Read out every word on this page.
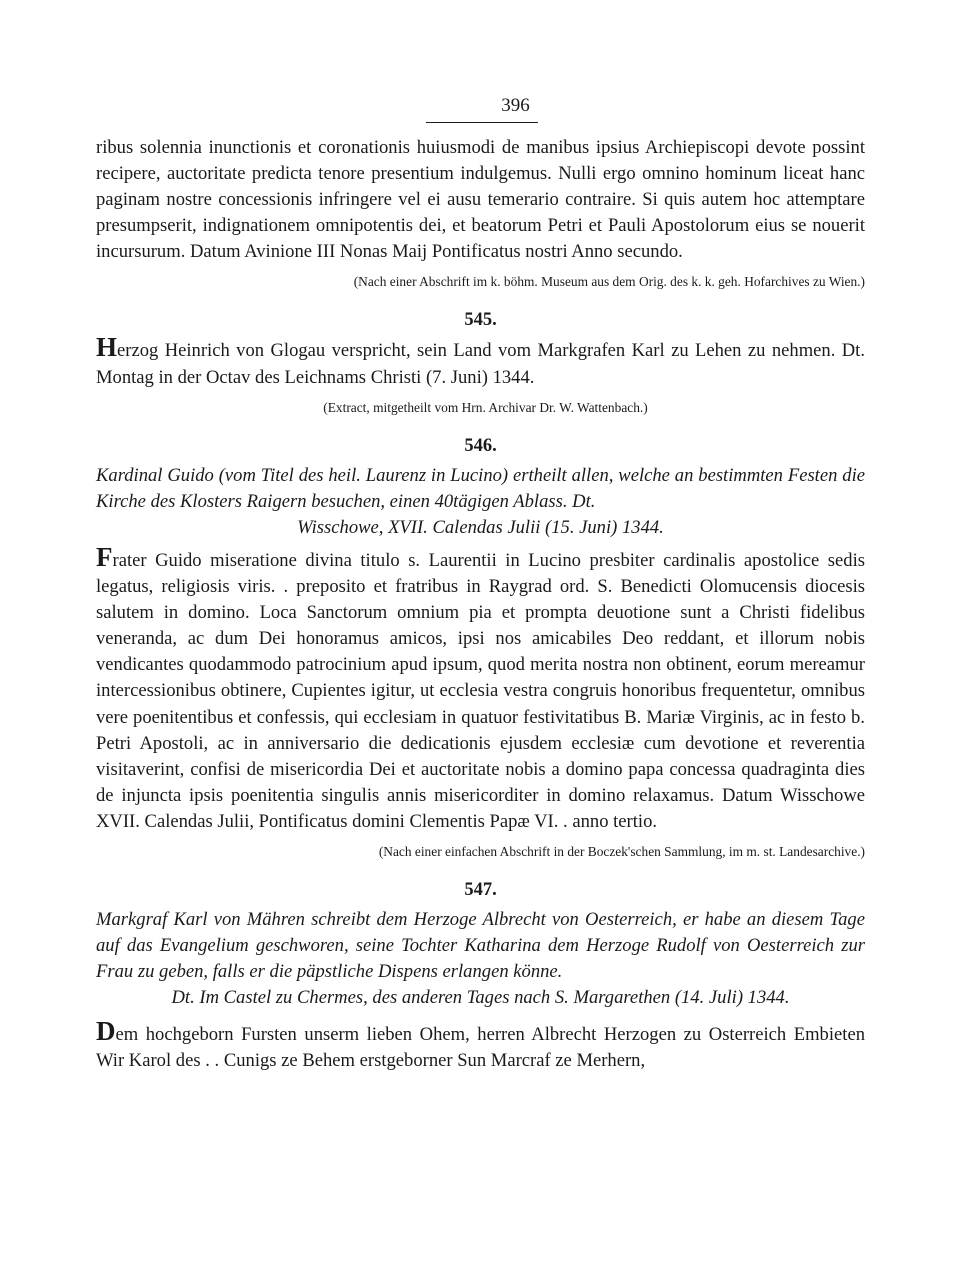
396

ribus solennia inunctionis et coronationis huiusmodi de manibus ipsius Archiepiscopi devote possint recipere, auctoritate predicta tenore presentium indulgemus. Nulli ergo omnino hominum liceat hanc paginam nostre concessionis infringere vel ei ausu temerario contraire. Si quis autem hoc attemptare presumpserit, indignationem omnipotentis dei, et beatorum Petri et Pauli Apostolorum eius se nouerit incursurum. Datum Avinione III Nonas Maij Pontificatus nostri Anno secundo.

(Nach einer Abschrift im k. böhm. Museum aus dem Orig. des k. k. geh. Hofarchives zu Wien.)

545.

Herzog Heinrich von Glogau verspricht, sein Land vom Markgrafen Karl zu Lehen zu nehmen. Dt. Montag in der Octav des Leichnams Christi (7. Juni) 1344.

(Extract, mitgetheilt vom Hrn. Archivar Dr. W. Wattenbach.)

546.

Kardinal Guido (vom Titel des heil. Laurenz in Lucino) ertheilt allen, welche an bestimmten Festen die Kirche des Klosters Raigern besuchen, einen 40tägigen Ablass. Dt.

Wisschowe, XVII. Calendas Julii (15. Juni) 1344.

Frater Guido miseratione divina titulo s. Laurentii in Lucino presbiter cardinalis apostolice sedis legatus, religiosis viris. . preposito et fratribus in Raygrad ord. S. Benedicti Olomucensis diocesis salutem in domino. Loca Sanctorum omnium pia et prompta deuotione sunt a Christi fidelibus veneranda, ac dum Dei honoramus amicos, ipsi nos amicabiles Deo reddant, et illorum nobis vendicantes quodammodo patrocinium apud ipsum, quod merita nostra non obtinent, eorum mereamur intercessionibus obtinere, Cupientes igitur, ut ecclesia vestra congruis honoribus frequentetur, omnibus vere poenitentibus et confessis, qui ecclesiam in quatuor festivitatibus B. Mariæ Virginis, ac in festo b. Petri Apostoli, ac in anniversario die dedicationis ejusdem ecclesiæ cum devotione et reverentia visitaverint, confisi de misericordia Dei et auctoritate nobis a domino papa concessa quadraginta dies de injuncta ipsis poenitentia singulis annis misericorditer in domino relaxamus. Datum Wisschowe XVII. Calendas Julii, Pontificatus domini Clementis Papæ VI. . anno tertio.

(Nach einer einfachen Abschrift in der Boczek'schen Sammlung, im m. st. Landesarchive.)

547.

Markgraf Karl von Mähren schreibt dem Herzoge Albrecht von Oesterreich, er habe an diesem Tage auf das Evangelium geschworen, seine Tochter Katharina dem Herzoge Rudolf von Oesterreich zur Frau zu geben, falls er die päpstliche Dispens erlangen könne.

Dt. Im Castel zu Chermes, des anderen Tages nach S. Margarethen (14. Juli) 1344.

Dem hochgeborn Fursten unserm lieben Ohem, herren Albrecht Herzogen zu Osterreich Embieten Wir Karol des . . Cunigs ze Behem erstgeborner Sun Marcraf ze Merhern,
